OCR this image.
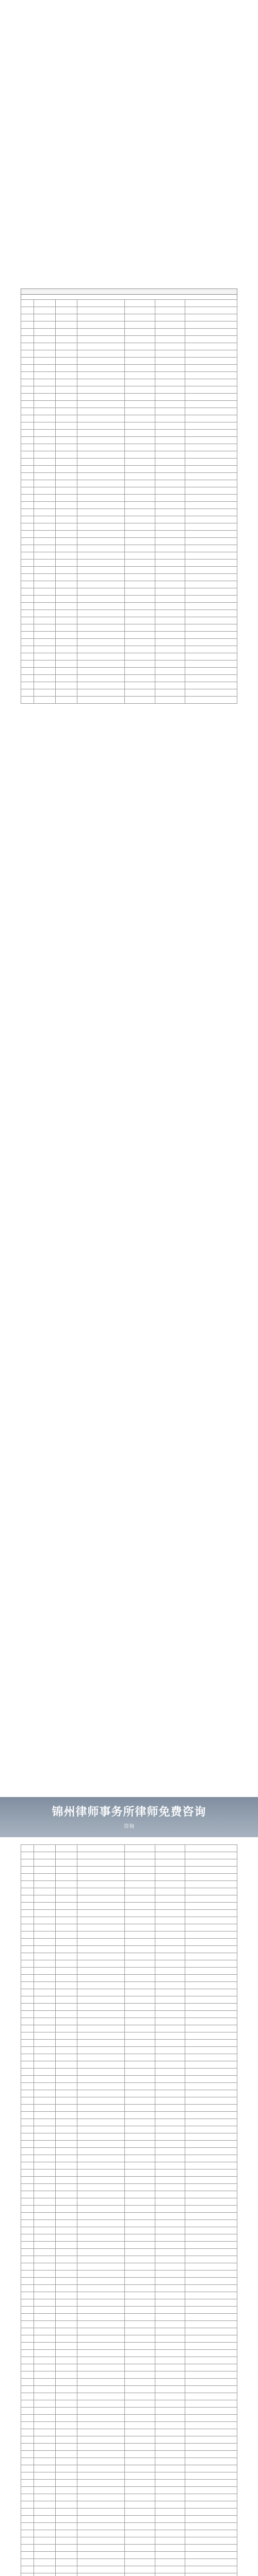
锦州律师事务所律师免费咨询
咨询
